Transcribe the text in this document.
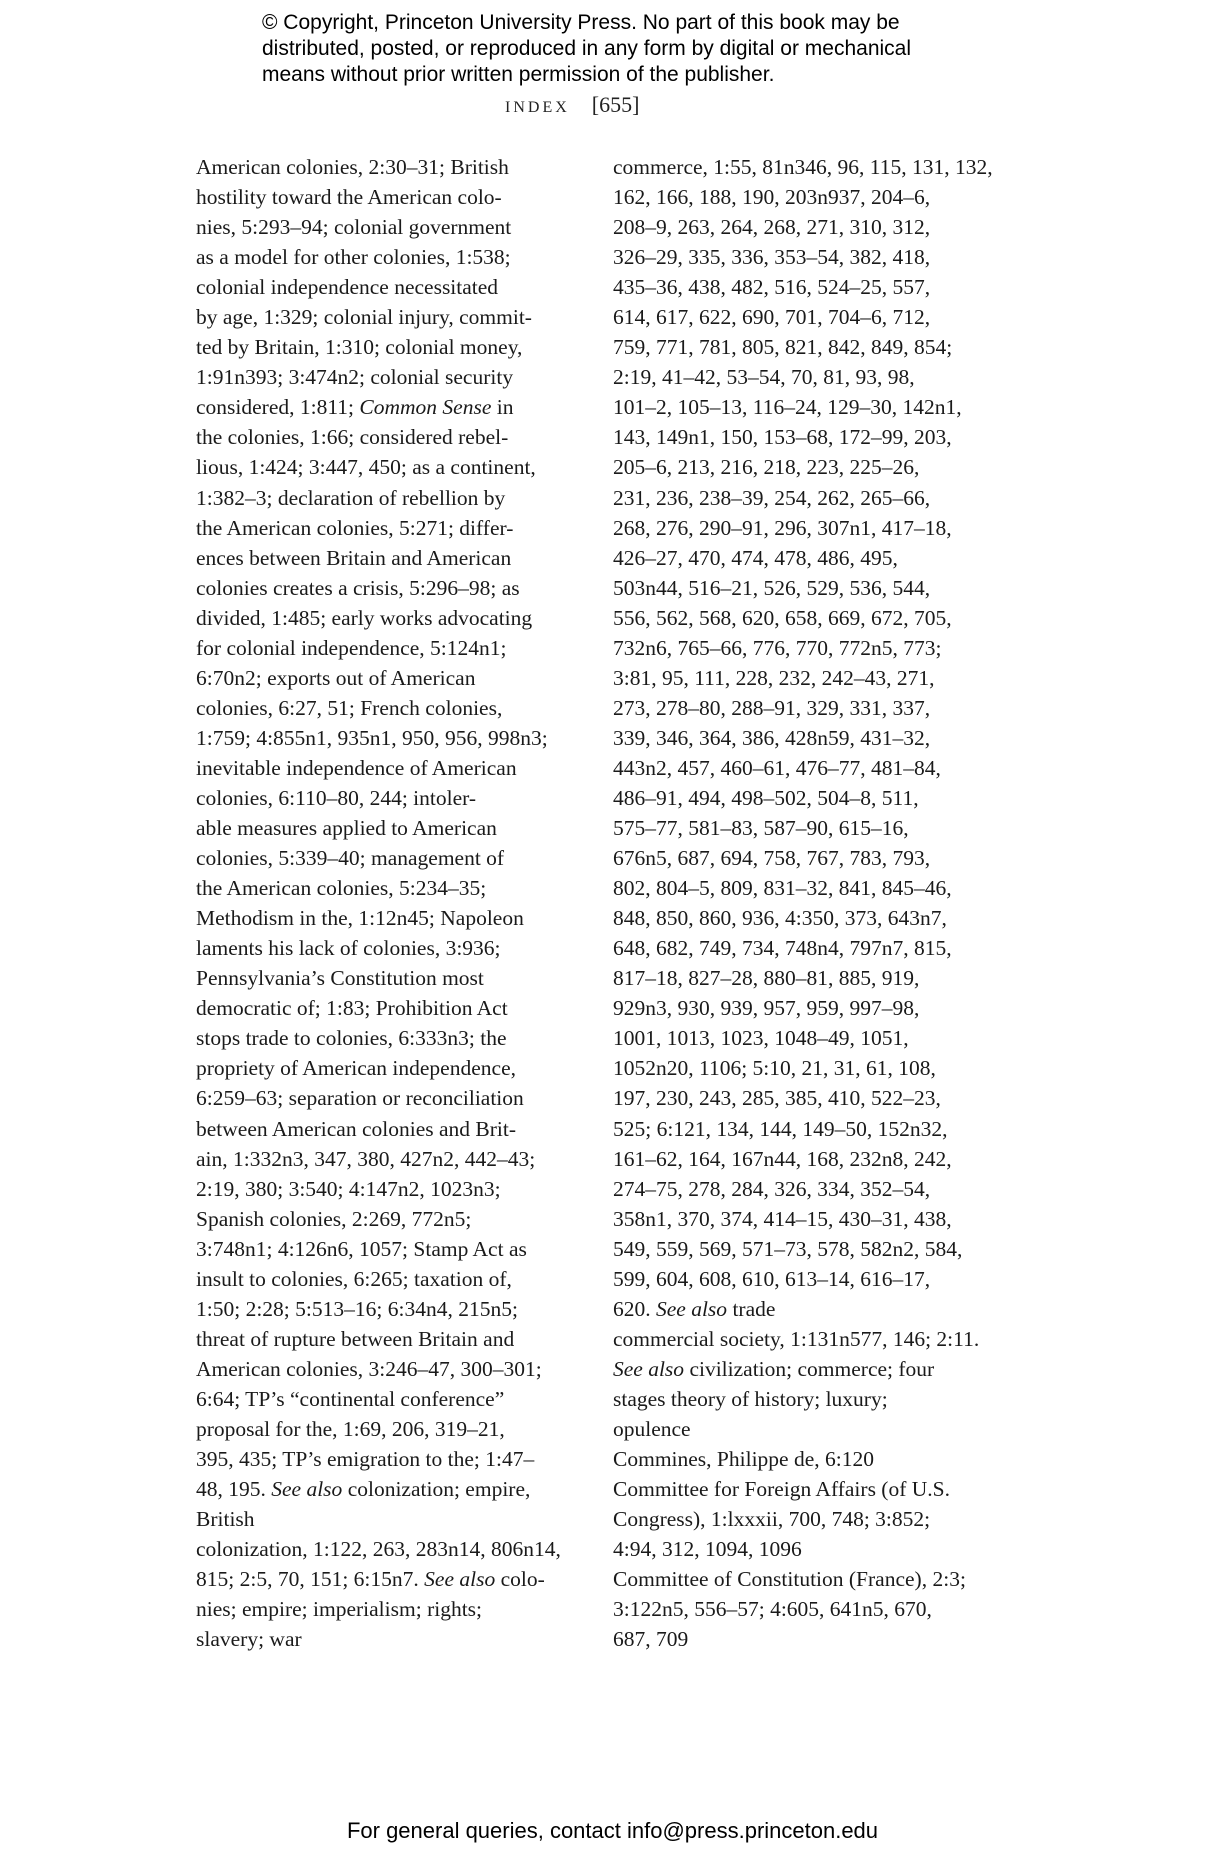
© Copyright, Princeton University Press. No part of this book may be
distributed, posted, or reproduced in any form by digital or mechanical
means without prior written permission of the publisher.
INDEX [655]
American colonies, 2:30–31; British
hostility toward the American colo-
nies, 5:293–94; colonial government
as a model for other colonies, 1:538;
colonial independence necessitated
by age, 1:329; colonial injury, commit-
ted by Britain, 1:310; colonial money,
1:91n393; 3:474n2; colonial security
considered, 1:811; Common Sense in
the colonies, 1:66; considered rebel-
lious, 1:424; 3:447, 450; as a continent,
1:382–3; declaration of rebellion by
the American colonies, 5:271; differ-
ences between Britain and American
colonies creates a crisis, 5:296–98; as
divided, 1:485; early works advocating
for colonial independence, 5:124n1;
6:70n2; exports out of American
colonies, 6:27, 51; French colonies,
1:759; 4:855n1, 935n1, 950, 956, 998n3;
inevitable independence of American
colonies, 6:110–80, 244; intoler-
able measures applied to American
colonies, 5:339–40; management of
the American colonies, 5:234–35;
Methodism in the, 1:12n45; Napoleon
laments his lack of colonies, 3:936;
Pennsylvania’s Constitution most
democratic of; 1:83; Prohibition Act
stops trade to colonies, 6:333n3; the
propriety of American independence,
6:259–63; separation or reconciliation
between American colonies and Brit-
ain, 1:332n3, 347, 380, 427n2, 442–43;
2:19, 380; 3:540; 4:147n2, 1023n3;
Spanish colonies, 2:269, 772n5;
3:748n1; 4:126n6, 1057; Stamp Act as
insult to colonies, 6:265; taxation of,
1:50; 2:28; 5:513–16; 6:34n4, 215n5;
threat of rupture between Britain and
American colonies, 3:246–47, 300–301;
6:64; TP’s “continental conference”
proposal for the, 1:69, 206, 319–21,
395, 435; TP’s emigration to the; 1:47–
48, 195. See also colonization; empire,
British
colonization, 1:122, 263, 283n14, 806n14,
815; 2:5, 70, 151; 6:15n7. See also colo-
nies; empire; imperialism; rights;
slavery; war
commerce, 1:55, 81n346, 96, 115, 131, 132,
162, 166, 188, 190, 203n937, 204–6,
208–9, 263, 264, 268, 271, 310, 312,
326–29, 335, 336, 353–54, 382, 418,
435–36, 438, 482, 516, 524–25, 557,
614, 617, 622, 690, 701, 704–6, 712,
759, 771, 781, 805, 821, 842, 849, 854;
2:19, 41–42, 53–54, 70, 81, 93, 98,
101–2, 105–13, 116–24, 129–30, 142n1,
143, 149n1, 150, 153–68, 172–99, 203,
205–6, 213, 216, 218, 223, 225–26,
231, 236, 238–39, 254, 262, 265–66,
268, 276, 290–91, 296, 307n1, 417–18,
426–27, 470, 474, 478, 486, 495,
503n44, 516–21, 526, 529, 536, 544,
556, 562, 568, 620, 658, 669, 672, 705,
732n6, 765–66, 776, 770, 772n5, 773;
3:81, 95, 111, 228, 232, 242–43, 271,
273, 278–80, 288–91, 329, 331, 337,
339, 346, 364, 386, 428n59, 431–32,
443n2, 457, 460–61, 476–77, 481–84,
486–91, 494, 498–502, 504–8, 511,
575–77, 581–83, 587–90, 615–16,
676n5, 687, 694, 758, 767, 783, 793,
802, 804–5, 809, 831–32, 841, 845–46,
848, 850, 860, 936, 4:350, 373, 643n7,
648, 682, 749, 734, 748n4, 797n7, 815,
817–18, 827–28, 880–81, 885, 919,
929n3, 930, 939, 957, 959, 997–98,
1001, 1013, 1023, 1048–49, 1051,
1052n20, 1106; 5:10, 21, 31, 61, 108,
197, 230, 243, 285, 385, 410, 522–23,
525; 6:121, 134, 144, 149–50, 152n32,
161–62, 164, 167n44, 168, 232n8, 242,
274–75, 278, 284, 326, 334, 352–54,
358n1, 370, 374, 414–15, 430–31, 438,
549, 559, 569, 571–73, 578, 582n2, 584,
599, 604, 608, 610, 613–14, 616–17,
620. See also trade
commercial society, 1:131n577, 146; 2:11.
See also civilization; commerce; four
stages theory of history; luxury;
opulence
Commines, Philippe de, 6:120
Committee for Foreign Affairs (of U.S.
Congress), 1:lxxxii, 700, 748; 3:852;
4:94, 312, 1094, 1096
Committee of Constitution (France), 2:3;
3:122n5, 556–57; 4:605, 641n5, 670,
687, 709
For general queries, contact info@press.princeton.edu
